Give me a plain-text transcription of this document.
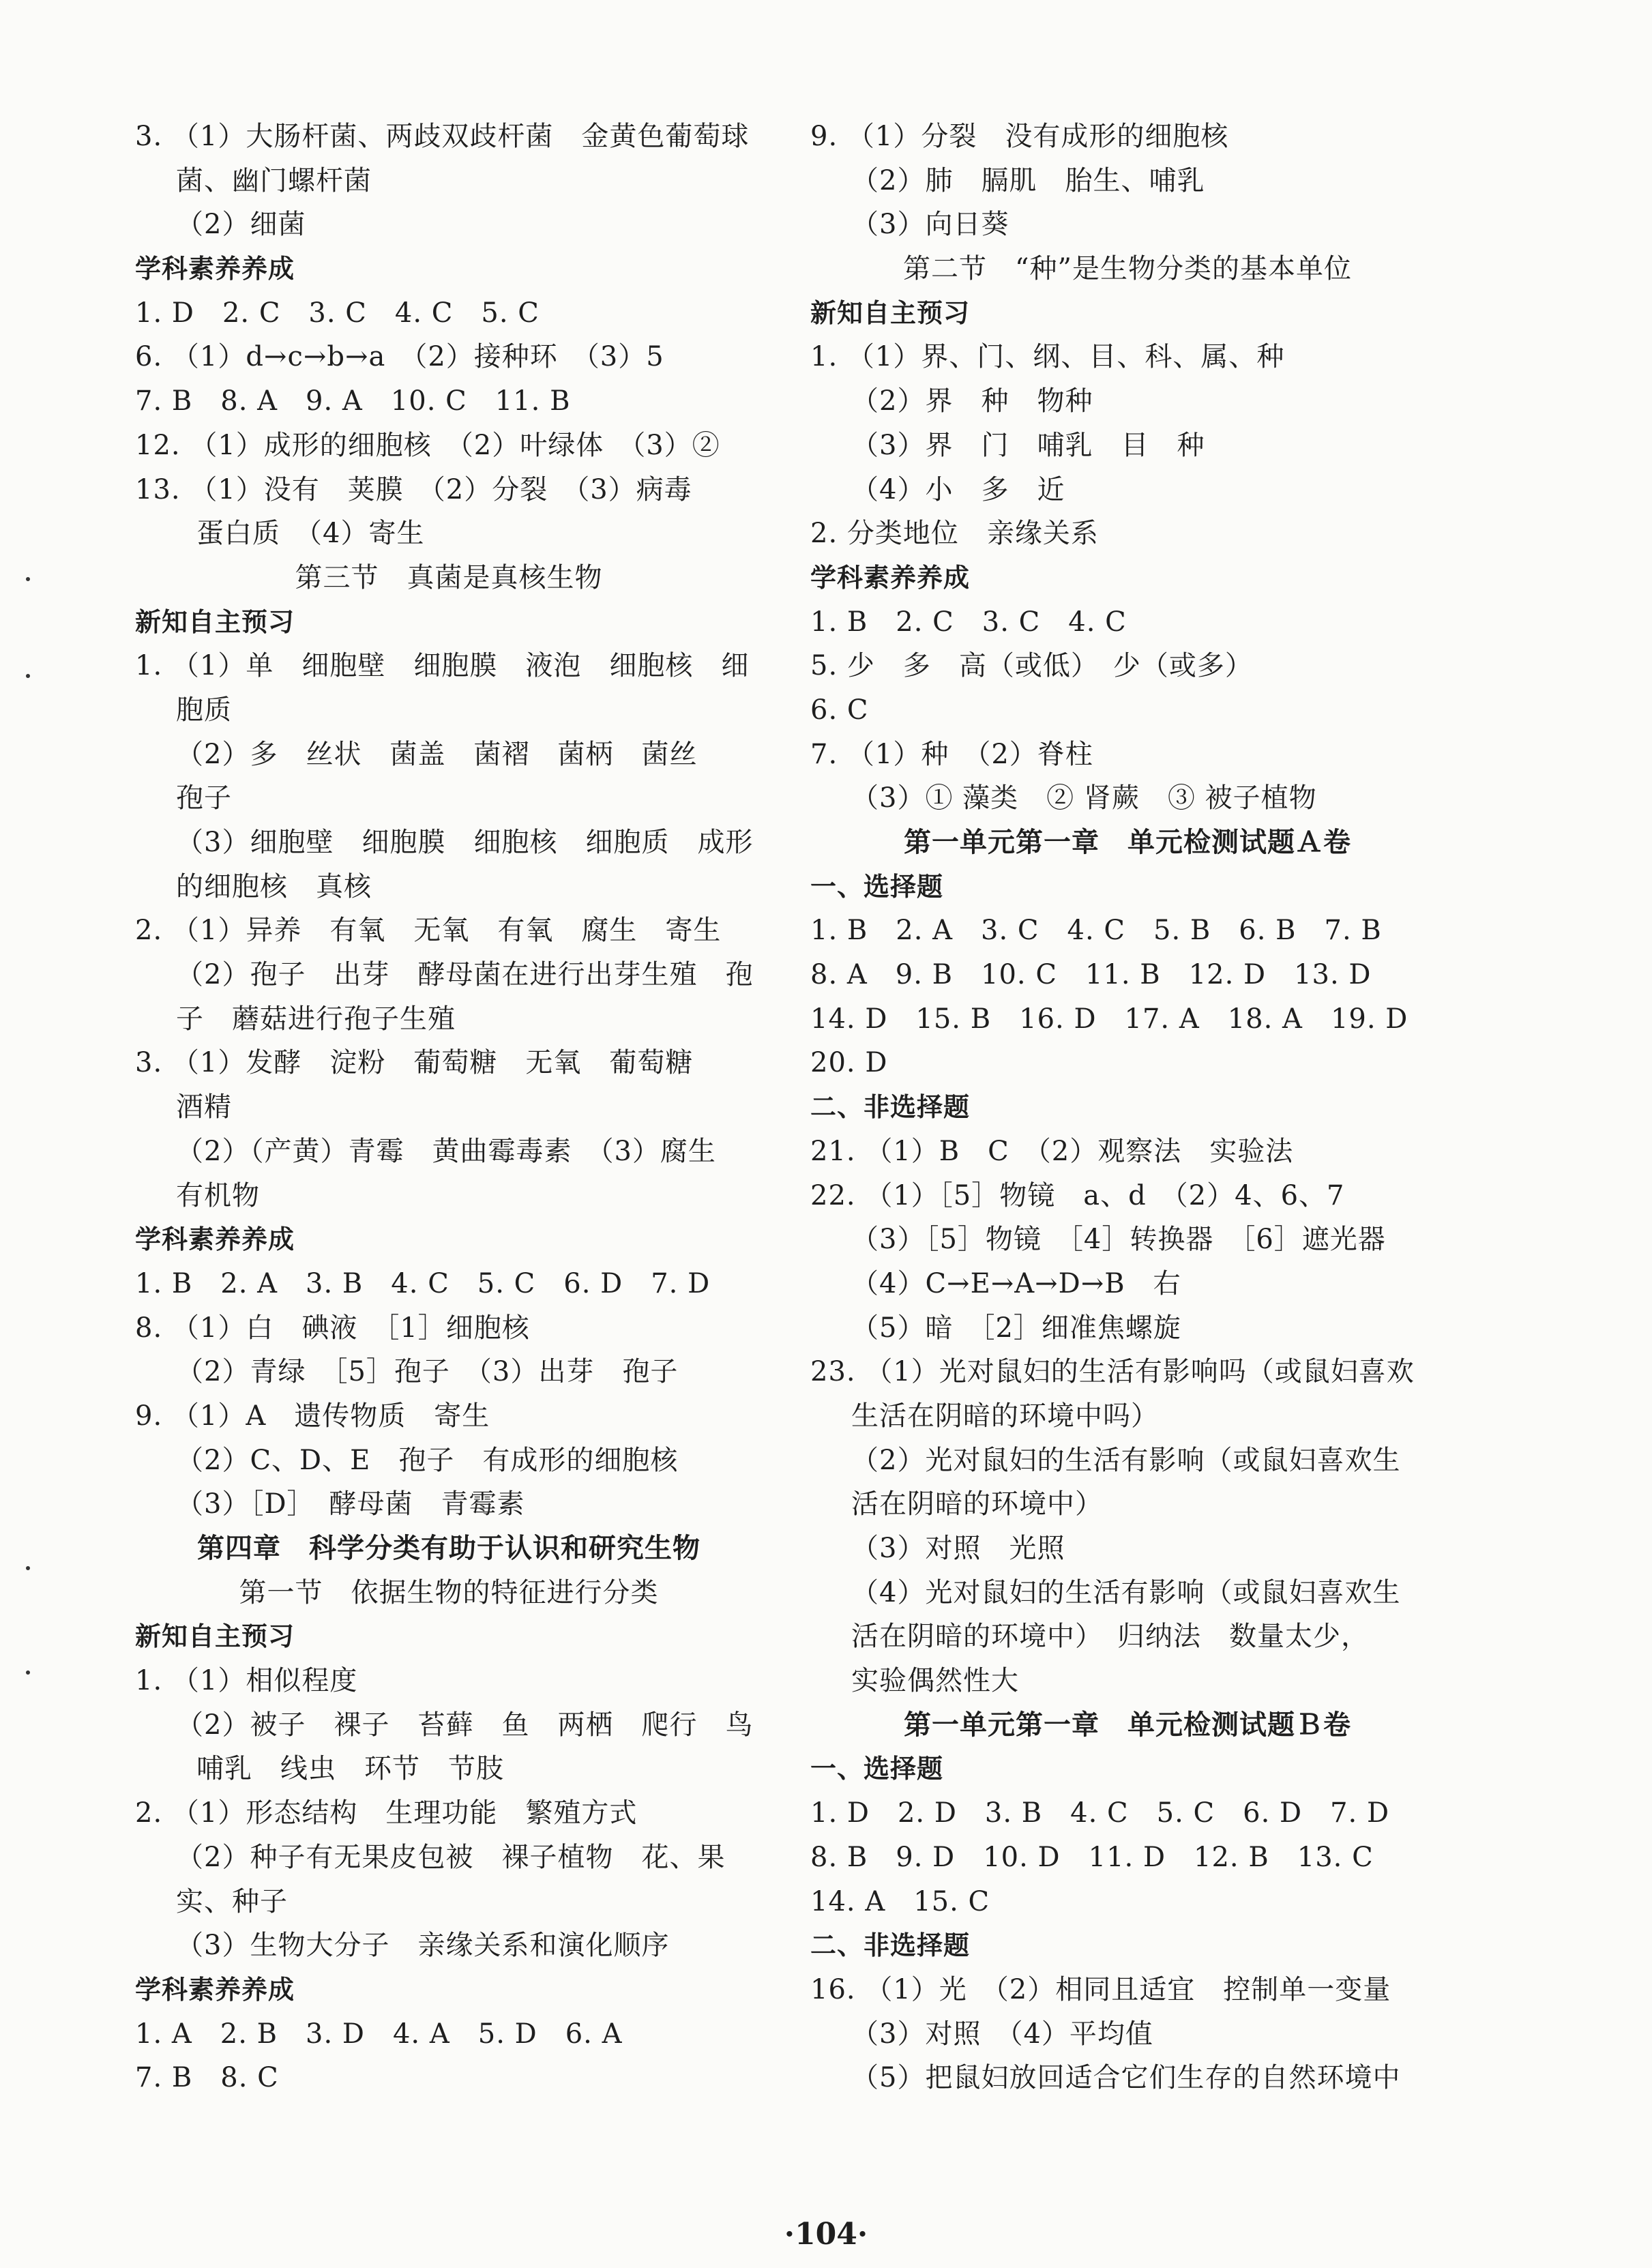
3. （1）大肠杆菌、两歧双歧杆菌　金黄色葡萄球
菌、幽门螺杆菌
（2）细菌
学科素养养成
1. D　2. C　3. C　4. C　5. C
6. （1）d→c→b→a　（2）接种环　（3）5
7. B　8. A　9. A　10. C　11. B
12. （1）成形的细胞核　（2）叶绿体　（3）②
13. （1）没有　荚膜　（2）分裂　（3）病毒
蛋白质　（4）寄生
第三节　真菌是真核生物
新知自主预习
1. （1）单　细胞壁　细胞膜　液泡　细胞核　细
胞质
（2）多　丝状　菌盖　菌褶　菌柄　菌丝
孢子
（3）细胞壁　细胞膜　细胞核　细胞质　成形
的细胞核　真核
2. （1）异养　有氧　无氧　有氧　腐生　寄生
（2）孢子　出芽　酵母菌在进行出芽生殖　孢
子　蘑菇进行孢子生殖
3. （1）发酵　淀粉　葡萄糖　无氧　葡萄糖
酒精
（2）（产黄）青霉　黄曲霉毒素　（3）腐生
有机物
学科素养养成
1. B　2. A　3. B　4. C　5. C　6. D　7. D
8. （1）白　碘液　［1］细胞核
（2）青绿　［5］孢子　（3）出芽　孢子
9. （1）A　遗传物质　寄生
（2）C、D、E　孢子　有成形的细胞核
（3）［D］　酵母菌　青霉素
第四章　科学分类有助于认识和研究生物
第一节　依据生物的特征进行分类
新知自主预习
1. （1）相似程度
（2）被子　裸子　苔藓　鱼　两栖　爬行　鸟
哺乳　线虫　环节　节肢
2. （1）形态结构　生理功能　繁殖方式
（2）种子有无果皮包被　裸子植物　花、果
实、种子
（3）生物大分子　亲缘关系和演化顺序
学科素养养成
1. A　2. B　3. D　4. A　5. D　6. A
7. B　8. C
9. （1）分裂　没有成形的细胞核
（2）肺　膈肌　胎生、哺乳
（3）向日葵
第二节　“种”是生物分类的基本单位
新知自主预习
1. （1）界、门、纲、目、科、属、种
（2）界　种　物种
（3）界　门　哺乳　目　种
（4）小　多　近
2. 分类地位　亲缘关系
学科素养养成
1. B　2. C　3. C　4. C
5. 少　多　高（或低）　少（或多）
6. C
7. （1）种　（2）脊柱
（3）① 藻类　② 肾蕨　③ 被子植物
第一单元第一章　单元检测试题Ａ卷
一、选择题
1. B　2. A　3. C　4. C　5. B　6. B　7. B
8. A　9. B　10. C　11. B　12. D　13. D
14. D　15. B　16. D　17. A　18. A　19. D
20. D
二、非选择题
21. （1）B　C　（2）观察法　实验法
22. （1）［5］物镜　a、d　（2）4、6、7
（3）［5］物镜　［4］转换器　［6］遮光器
（4）C→E→A→D→B　右
（5）暗　［2］细准焦螺旋
23. （1）光对鼠妇的生活有影响吗（或鼠妇喜欢
生活在阴暗的环境中吗）
（2）光对鼠妇的生活有影响（或鼠妇喜欢生
活在阴暗的环境中）
（3）对照　光照
（4）光对鼠妇的生活有影响（或鼠妇喜欢生
活在阴暗的环境中）　归纳法　数量太少，
实验偶然性大
第一单元第一章　单元检测试题Ｂ卷
一、选择题
1. D　2. D　3. B　4. C　5. C　6. D　7. D
8. B　9. D　10. D　11. D　12. B　13. C
14. A　15. C
二、非选择题
16. （1）光　（2）相同且适宜　控制单一变量
（3）对照　（4）平均值
（5）把鼠妇放回适合它们生存的自然环境中
·104·
